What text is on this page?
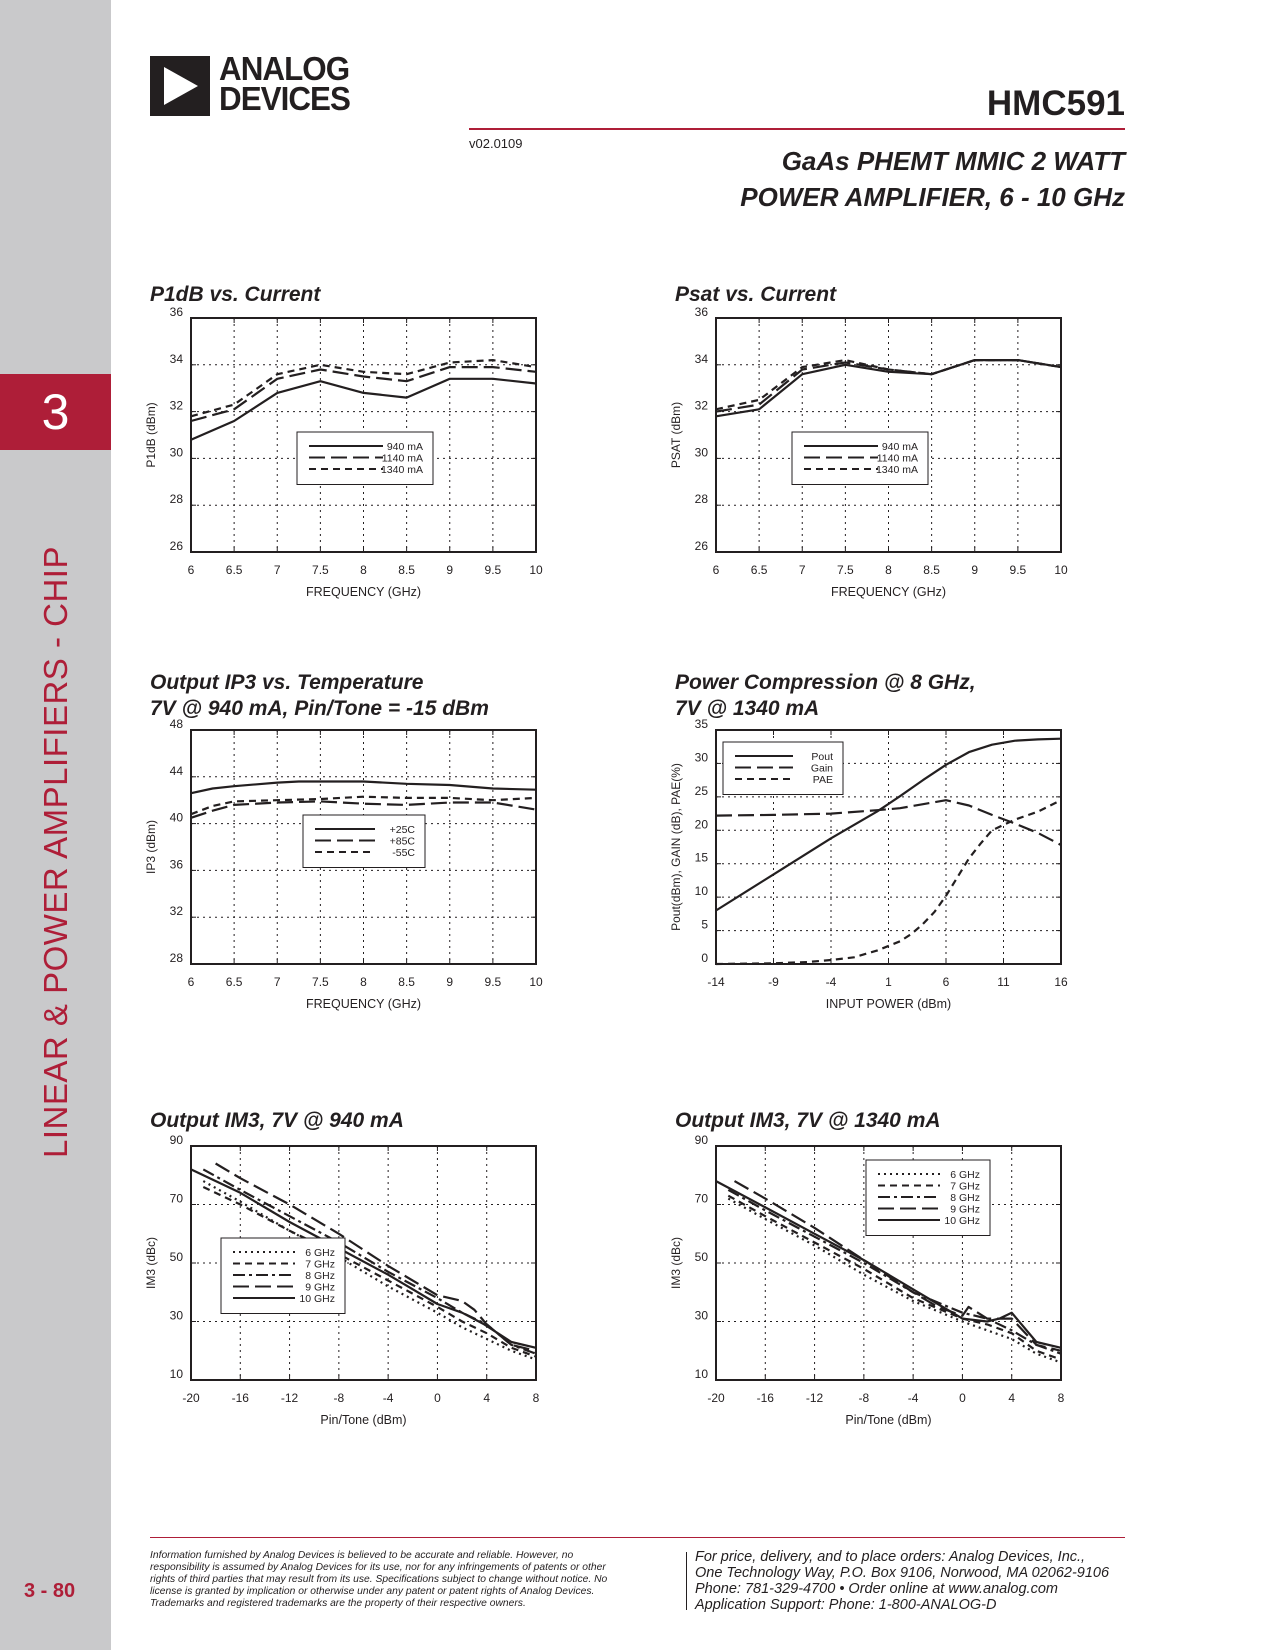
3
LINEAR & POWER AMPLIFIERS - CHIP
3 - 80
ANALOG
DEVICES	HMC591
v02.0109
GaAs PHEMT MMIC 2 WATT
POWER AMPLIFIER, 6 - 10 GHz
P1dB vs. Current	Psat vs. Current
Output IP3 vs. Temperature
7V @ 940 mA, Pin/Tone = -15 dBm
Power Compression @ 8 GHz,
7V @ 1340 mA
Output IM3, 7V @ 940 mA	Output IM3, 7V @ 1340 mA
6	6.5	7	7.5	8	8.5	9	9.5 10
26
28
30
32
34
36
FREQUENCY (GHz)
P1dB (dBm)	940 mA
1140 mA
1340 mA
6	6.5	7	7.5	8	8.5	9	9.5 10
26
28
30
32
34
36
FREQUENCY (GHz)
PSAT (dBm)	940 mA
1140 mA
1340 mA
6	6.5	7	7.5	8	8.5	9	9.5 10
28
32
36
40
44
48
FREQUENCY (GHz)
IP3 (dBm)	+25C
+85C
-55C
-14	-9	-4	1	6	11	16
0
5
10
15
20
25
30
35
INPUT POWER (dBm)
Pout(dBm), GAIN (dB), PAE(%)
Pout
Gain
PAE
-20	-16	-12	-8	-4	0	4	8
10
30
50
70
90
Pin/Tone (dBm)
IM3 (dBc)	6 GHz
7 GHz
8 GHz
9 GHz
10 GHz
-20	-16	-12	-8	-4	0	4	8
10
30
50
70
90
Pin/Tone (dBm)
IM3 (dBc)
6 GHz
7 GHz
8 GHz
9 GHz
10 GHz
Information furnished by Analog Devices is believed to be accurate and reliable. However, no
responsibility is assumed by Analog Devices for its use, nor for any infringements of patents or other
rights of third parties that may result from its use. Specifications subject to change without notice. No
license is granted by implication or otherwise under any patent or patent rights of Analog Devices.
Trademarks and registered trademarks are the property of their respective owners.
For price, delivery, and to place orders: Analog Devices, Inc.,
One Technology Way, P.O. Box 9106, Norwood, MA 02062-9106
Phone: 781-329-4700 • Order online at www.analog.com
Application Support: Phone: 1-800-ANALOG-D
